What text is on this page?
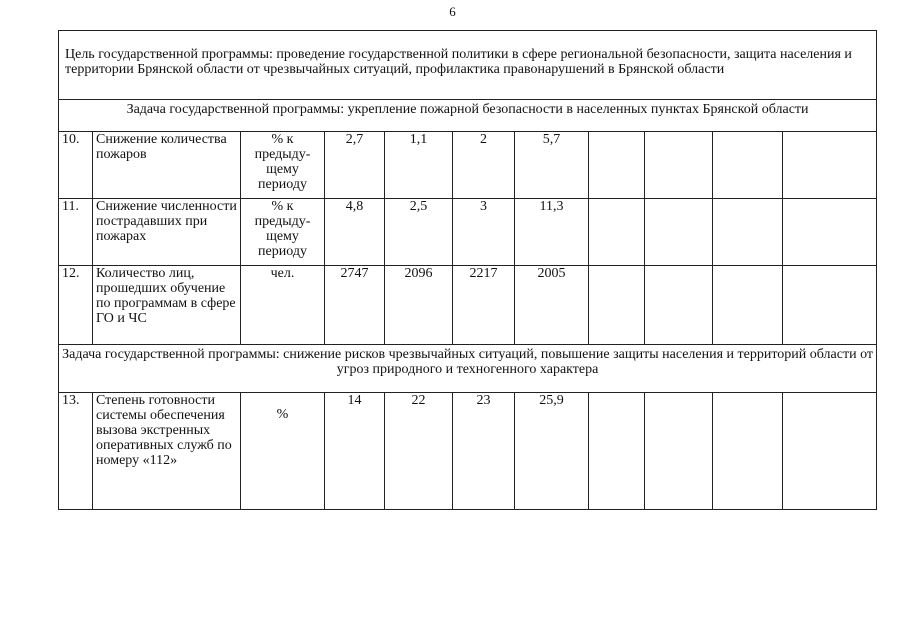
6
Цель государственной программы: проведение государственной политики в сфере региональной безопасности, защита населения и территории Брянской области от чрезвычайных ситуаций, профилактика правонарушений в Брянской области										
Задача государственной программы: укрепление пожарной безопасности в населенных пунктах Брянской области										
10.	Снижение количества пожаров	% к предыду-щему периоду	2,7	1,1	2	5,7				
11.	Снижение численности пострадавших при пожарах	% к предыду-щему периоду	4,8	2,5	3	11,3				
12.	Количество лиц, прошедших обучение по программам в сфере ГО и ЧС	чел.	2747	2096	2217	2005				
Задача государственной программы: снижение рисков чрезвычайных ситуаций, повышение защиты населения и территорий области от угроз природного и техногенного характера										
13.	Степень готовности системы обеспечения вызова экстренных оперативных служб по номеру «112»	%	14	22	23	25,9				
